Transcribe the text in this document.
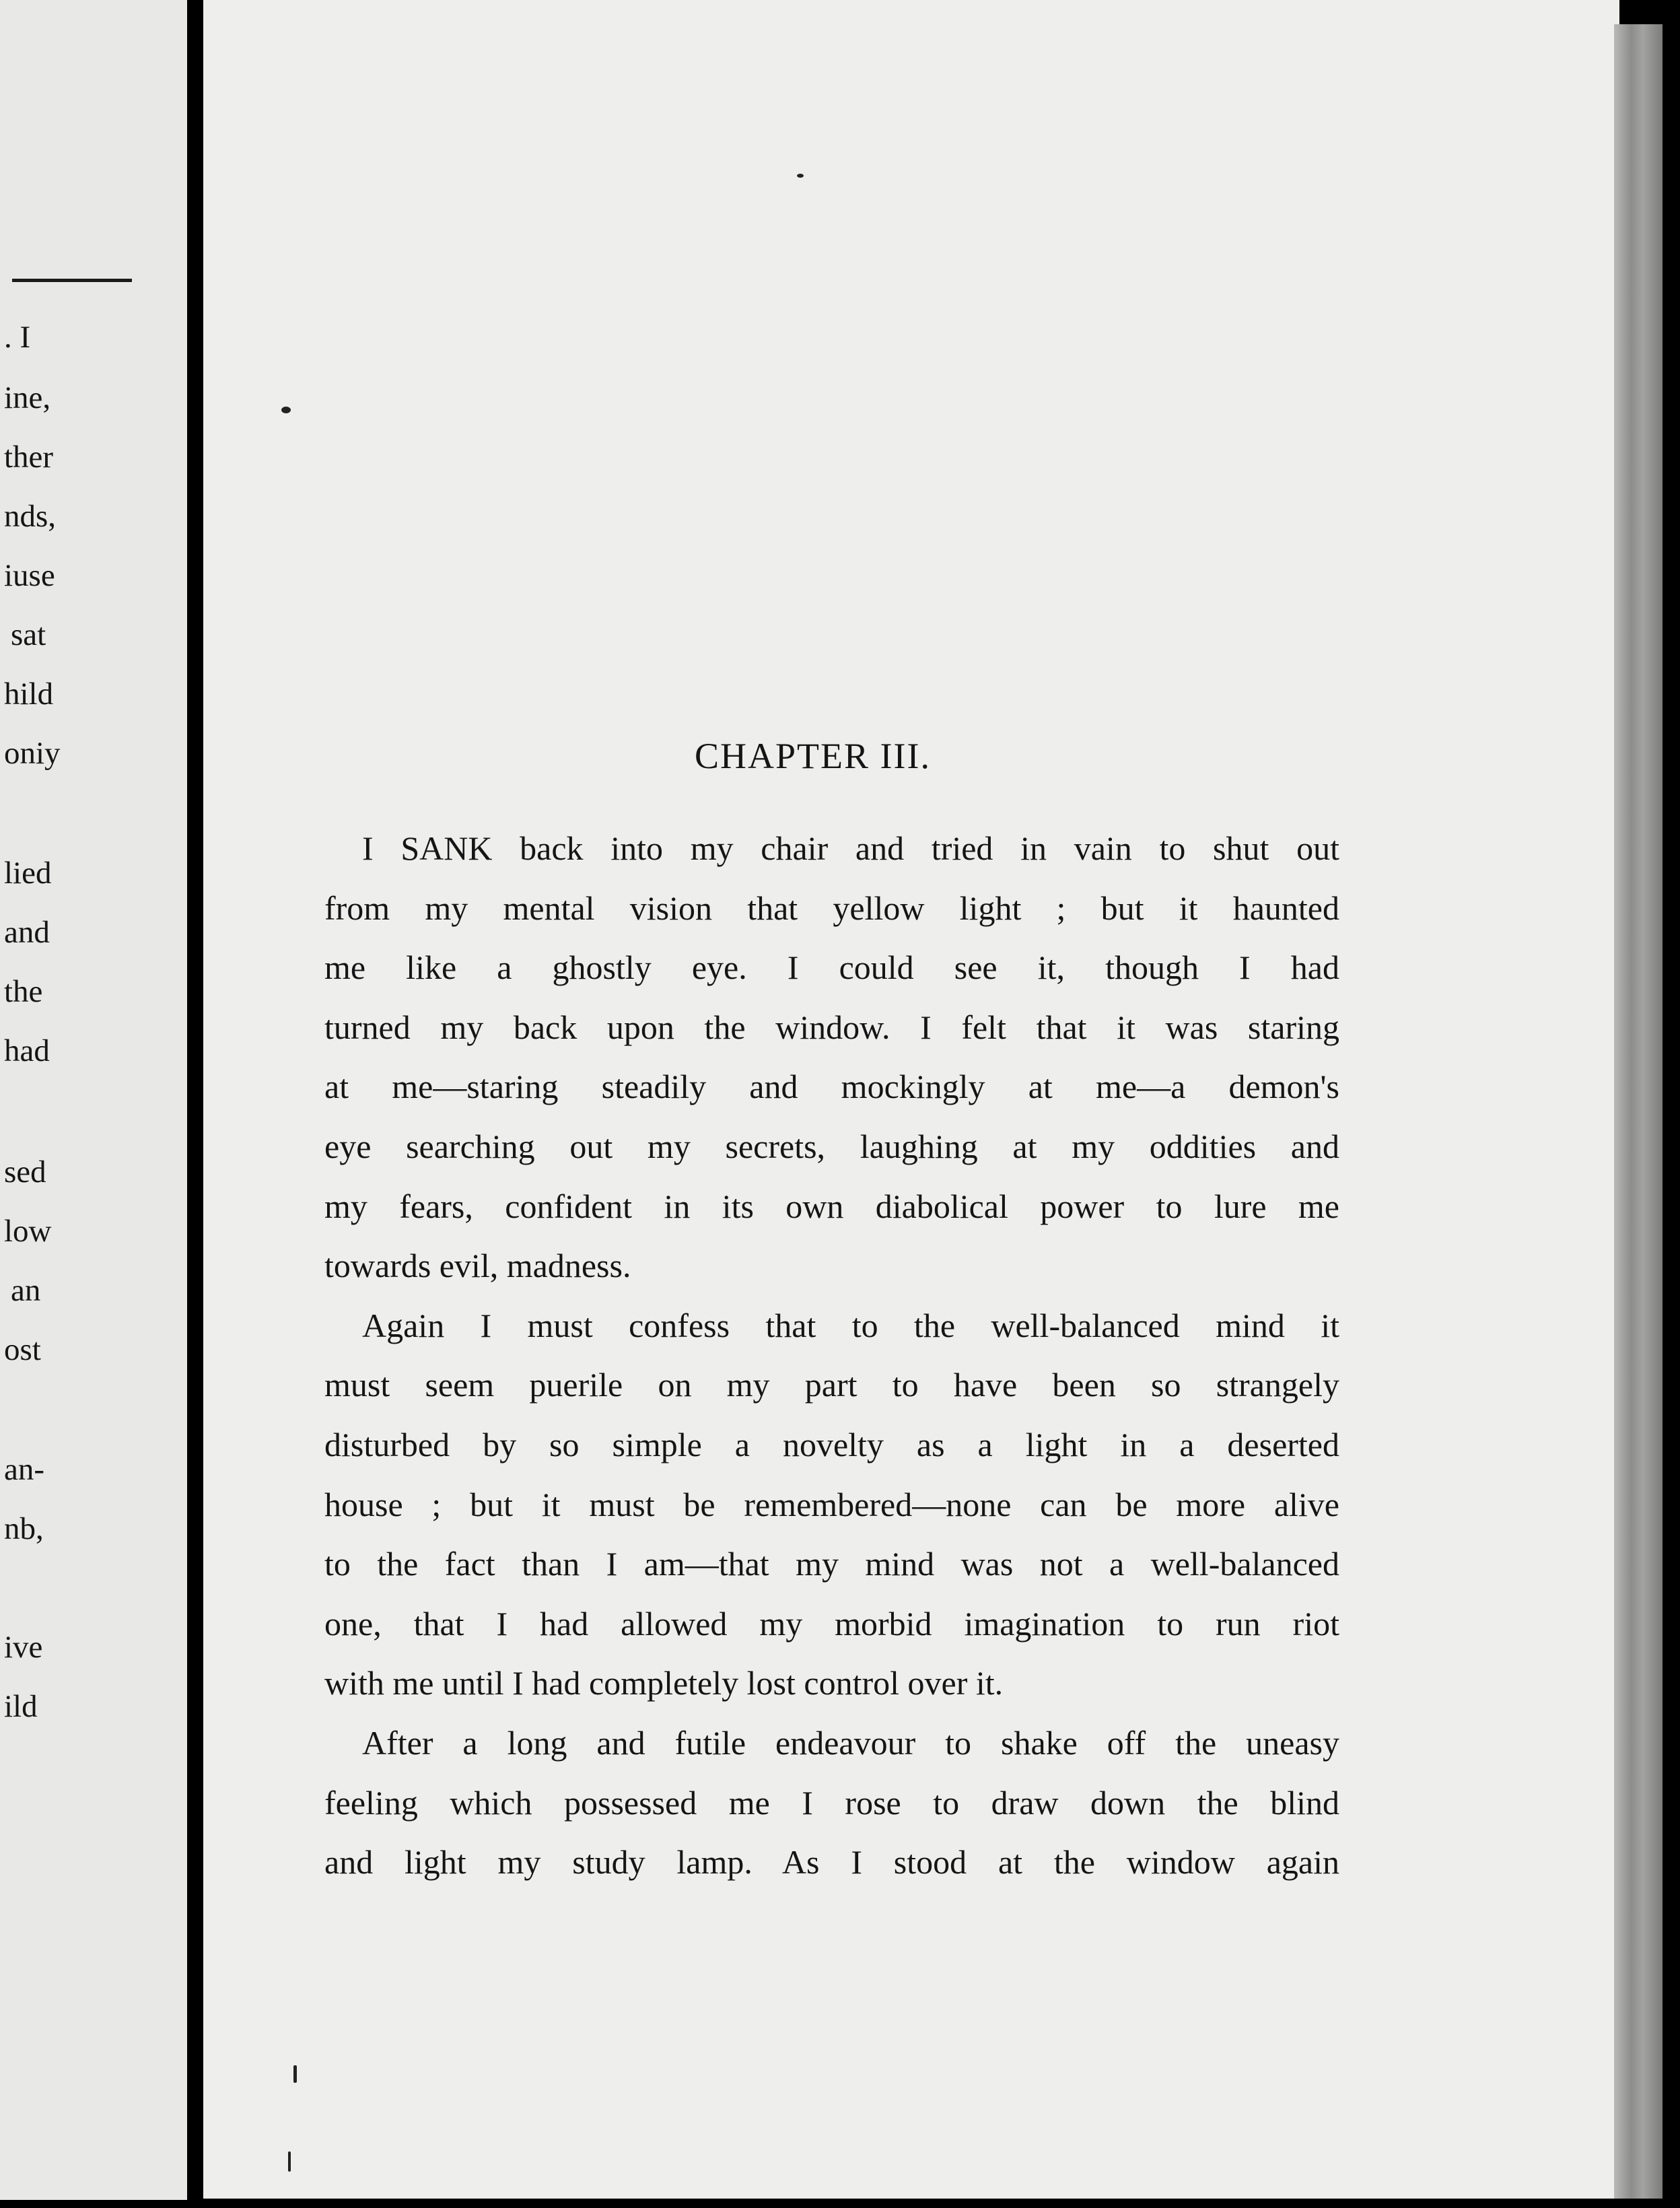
. I
ine,
ther
nds,
iuse
sat
hild
oniy
lied
and
the
had
sed
low
an
ost
an-
nb,
ive
ild
CHAPTER III.
I SANK back into my chair and tried in vain to shut out
from my mental vision that yellow light ; but it haunted
me like a ghostly eye. I could see it, though I had
turned my back upon the window. I felt that it was staring
at me—staring steadily and mockingly at me—a demon's
eye searching out my secrets, laughing at my oddities and
my fears, confident in its own diabolical power to lure me
towards evil, madness.
Again I must confess that to the well-balanced mind it
must seem puerile on my part to have been so strangely
disturbed by so simple a novelty as a light in a deserted
house ; but it must be remembered—none can be more alive
to the fact than I am—that my mind was not a well-balanced
one, that I had allowed my morbid imagination to run riot
with me until I had completely lost control over it.
After a long and futile endeavour to shake off the uneasy
feeling which possessed me I rose to draw down the blind
and light my study lamp. As I stood at the window again
